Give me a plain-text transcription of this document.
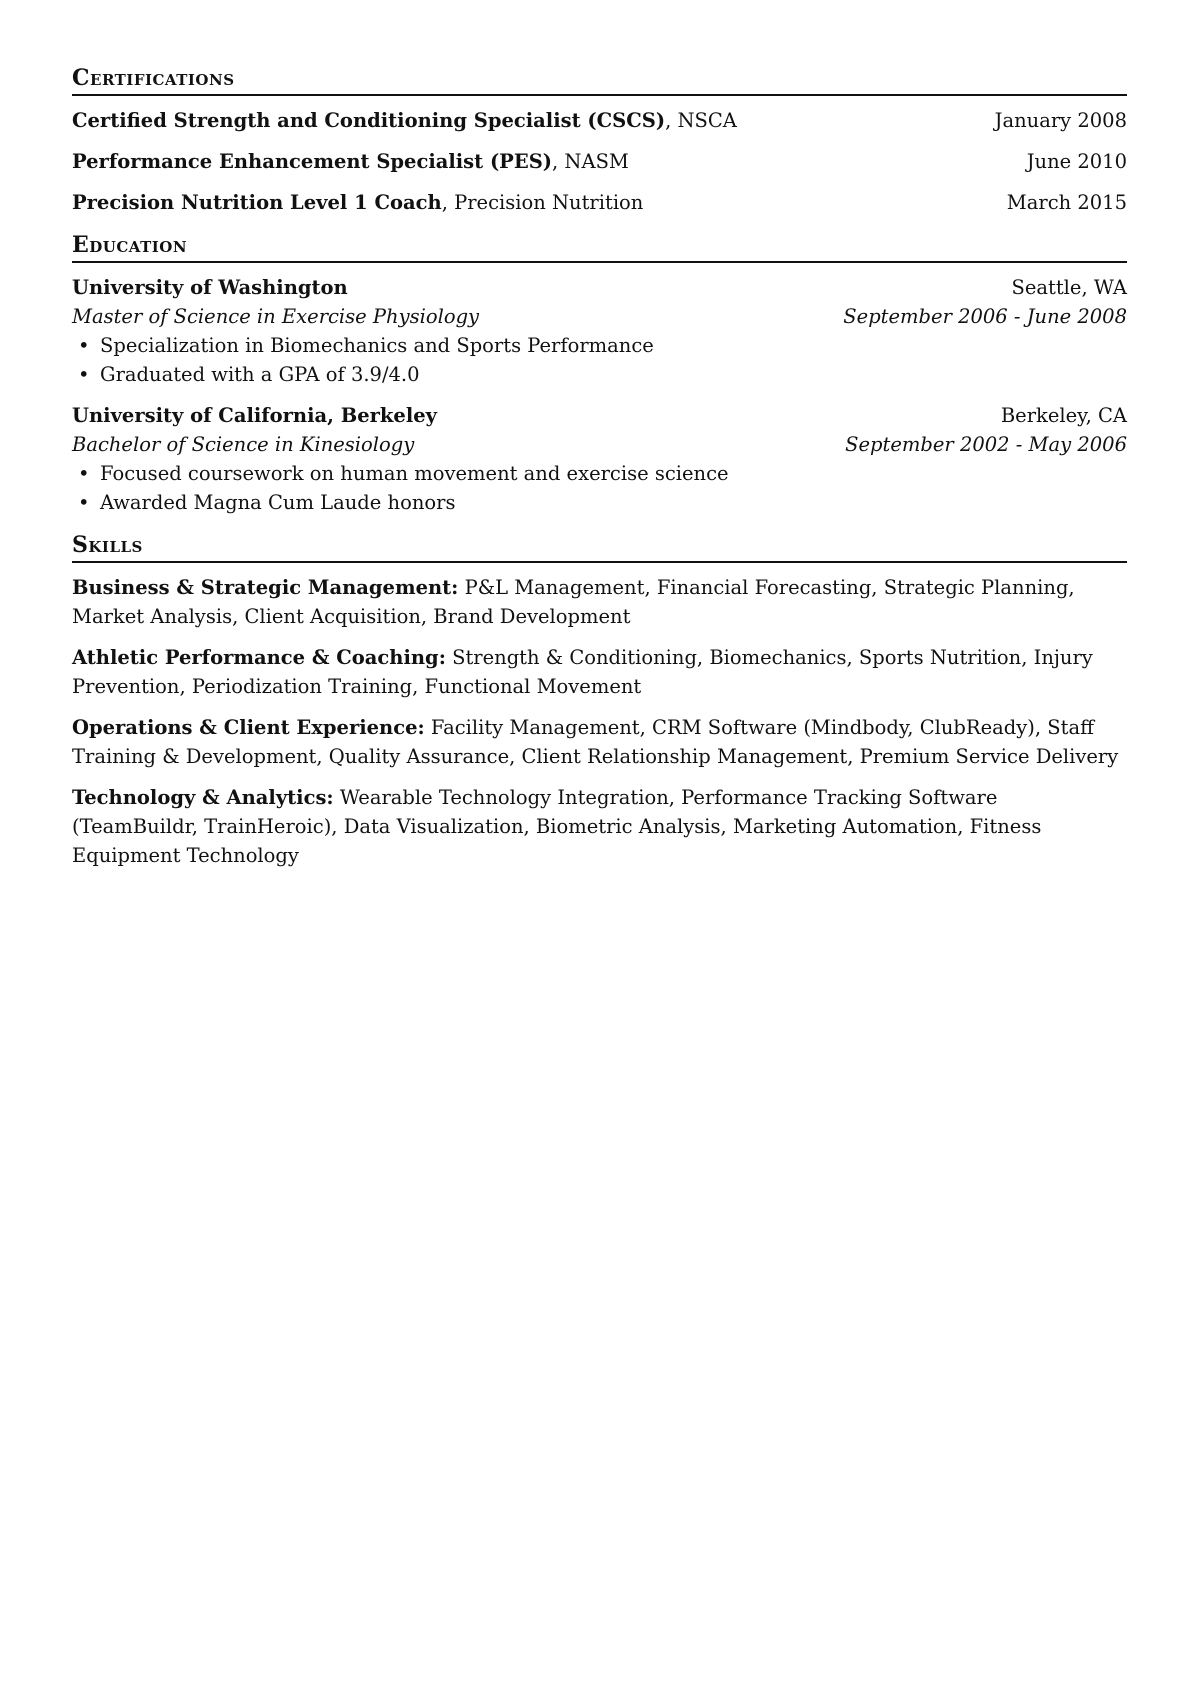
Certifications
Certified Strength and Conditioning Specialist (CSCS), NSCA	January 2008
Performance Enhancement Specialist (PES), NASM	June 2010
Precision Nutrition Level 1 Coach, Precision Nutrition	March 2015
Education
University of Washington	Seattle, WA
Master of Science in Exercise Physiology	September 2006 - June 2008
• Specialization in Biomechanics and Sports Performance
• Graduated with a GPA of 3.9/4.0
University of California, Berkeley	Berkeley, CA
Bachelor of Science in Kinesiology	September 2002 - May 2006
• Focused coursework on human movement and exercise science
• Awarded Magna Cum Laude honors
Skills
Business & Strategic Management: P&L Management, Financial Forecasting, Strategic Planning, Market Analysis, Client Acquisition, Brand Development
Athletic Performance & Coaching: Strength & Conditioning, Biomechanics, Sports Nutrition, Injury Prevention, Periodization Training, Functional Movement
Operations & Client Experience: Facility Management, CRM Software (Mindbody, ClubReady), Staff Training & Development, Quality Assurance, Client Relationship Management, Premium Service Delivery
Technology & Analytics: Wearable Technology Integration, Performance Tracking Software (TeamBuildr, TrainHeroic), Data Visualization, Biometric Analysis, Marketing Automation, Fitness Equipment Technology
